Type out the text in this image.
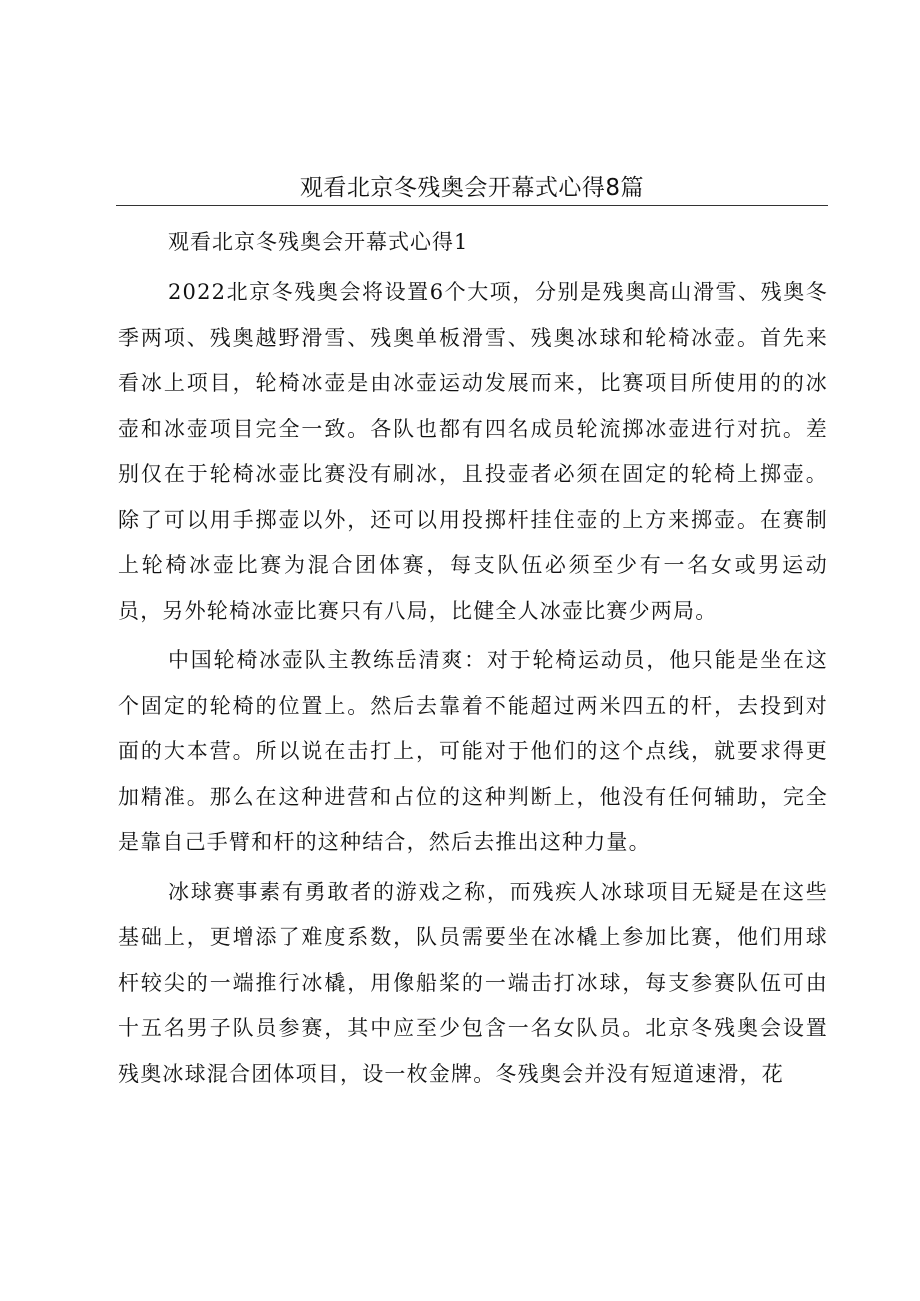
观看北京冬残奥会开幕式心得8篇
观看北京冬残奥会开幕式心得1

2022北京冬残奥会将设置6个大项，分别是残奥高山滑雪、残奥冬季两项、残奥越野滑雪、残奥单板滑雪、残奥冰球和轮椅冰壶。首先来看冰上项目，轮椅冰壶是由冰壶运动发展而来，比赛项目所使用的的冰壶和冰壶项目完全一致。各队也都有四名成员轮流掷冰壶进行对抗。差别仅在于轮椅冰壶比赛没有刷冰，且投壶者必须在固定的轮椅上掷壶。除了可以用手掷壶以外，还可以用投掷杆挂住壶的上方来掷壶。在赛制上轮椅冰壶比赛为混合团体赛，每支队伍必须至少有一名女或男运动员，另外轮椅冰壶比赛只有八局，比健全人冰壶比赛少两局。

中国轮椅冰壶队主教练岳清爽：对于轮椅运动员，他只能是坐在这个固定的轮椅的位置上。然后去靠着不能超过两米四五的杆，去投到对面的大本营。所以说在击打上，可能对于他们的这个点线，就要求得更加精准。那么在这种进营和占位的这种判断上，他没有任何辅助，完全是靠自己手臂和杆的这种结合，然后去推出这种力量。

冰球赛事素有勇敢者的游戏之称，而残疾人冰球项目无疑是在这些基础上，更增添了难度系数，队员需要坐在冰橇上参加比赛，他们用球杆较尖的一端推行冰橇，用像船桨的一端击打冰球，每支参赛队伍可由十五名男子队员参赛，其中应至少包含一名女队员。北京冬残奥会设置残奥冰球混合团体项目，设一枚金牌。冬残奥会并没有短道速滑，花
